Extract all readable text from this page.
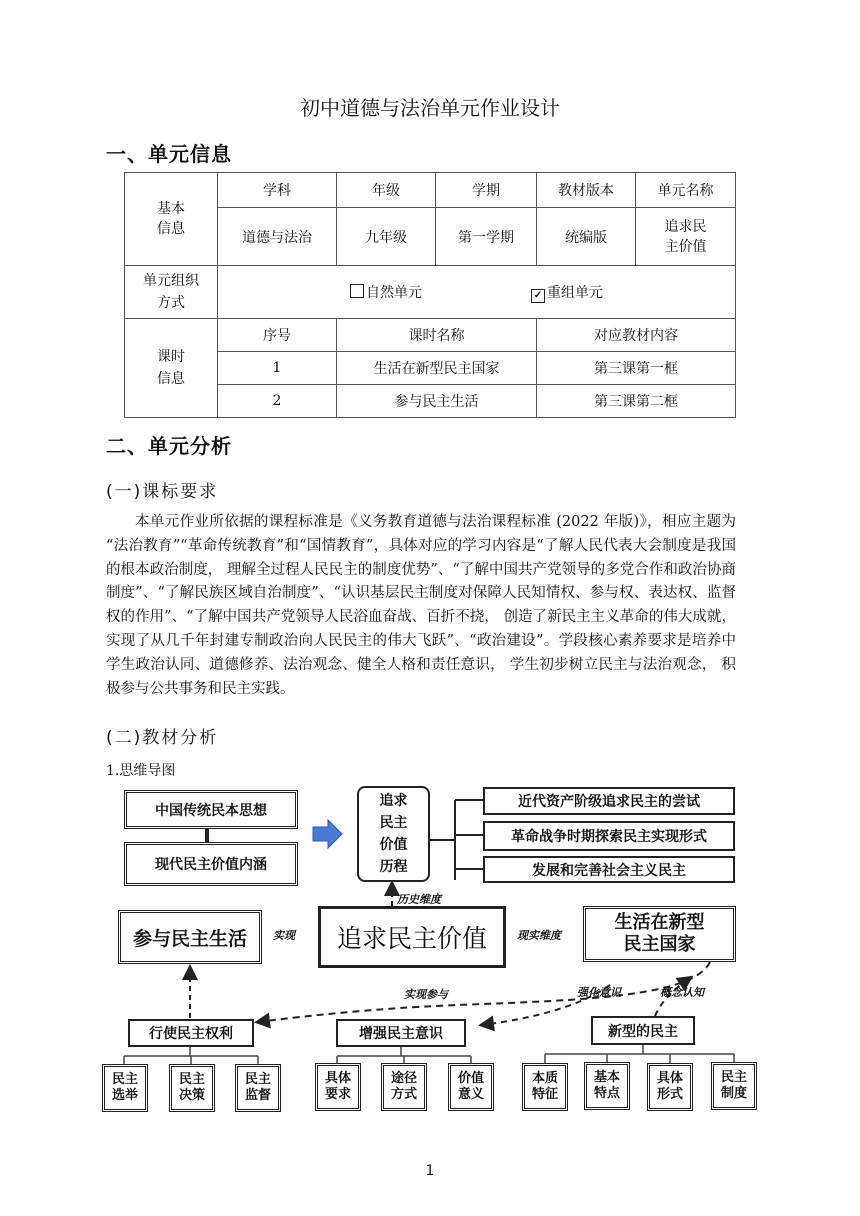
初中道德与法治单元作业设计
一、单元信息
基本
信息	学科	年级	学期	教材版本	单元名称
	道德与法治	九年级	第一学期	统编版	追求民
主价值
单元组织
方式	自然单元 ✓ 重组单元				
课时
信息	序号	课时名称		对应教材内容	
	1	生活在新型民主国家		第三课第一框	
	2	参与民主生活		第三课第二框	
二、单元分析
(一)课标要求
本单元作业所依据的课程标准是《义务教育道德与法治课程标准 (2022 年版)》，相应主题为 “法治教育”“革命传统教育”和“国情教育”，具体对应的学习内容是“了解人民代表大会制度是我国的根本政治制度， 理解全过程人民民主的制度优势”、“了解中国共产党领导的多党合作和政治协商制度”、“了解民族区域自治制度”、“认识基层民主制度对保障人民知情权、参与权、表达权、监督权的作用”、“了解中国共产党领导人民浴血奋战、百折不挠， 创造了新民主主义革命的伟大成就， 实现了从几千年封建专制政治向人民民主的伟大飞跃”、“政治建设”。学段核心素养要求是培养中学生政治认同、道德修养、法治观念、健全人格和责任意识， 学生初步树立民主与法治观念， 积极参与公共事务和民主实践。
(二)教材分析
1.思维导图
中国传统民本思想
现代民主价值内涵
追求
民主
价值
历程
近代资产阶级追求民主的尝试
革命战争时期探索民主实现形式
发展和完善社会主义民主
历史维度
追求民主价值
参与民主生活
生活在新型
民主国家
实现	现实维度
实现参与	强化意识	概念认知
行使民主权利	增强民主意识	新型的民主
民主
选举
民主
决策
民主
监督
具体
要求
途径
方式
价值
意义
本质
特征
基本
特点
具体
形式
民主
制度
1
